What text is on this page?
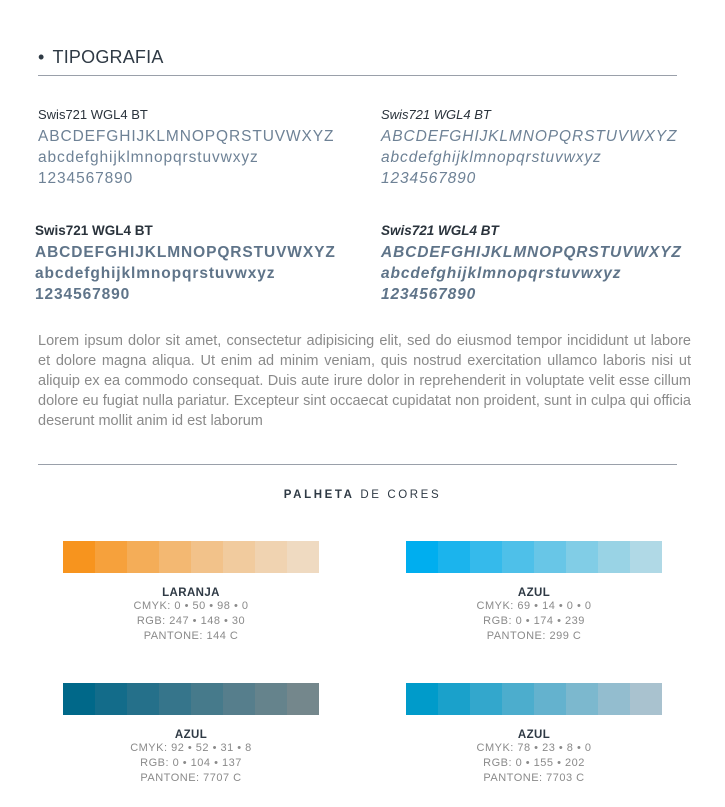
• TIPOGRAFIA
Swis721 WGL4 BT
ABCDEFGHIJKLMNOPQRSTUVWXYZ
abcdefghijklmnopqrstuvwxyz
1234567890
Swis721 WGL4 BT
ABCDEFGHIJKLMNOPQRSTUVWXYZ
abcdefghijklmnopqrstuvwxyz
1234567890
Swis721 WGL4 BT
ABCDEFGHIJKLMNOPQRSTUVWXYZ
abcdefghijklmnopqrstuvwxyz
1234567890
Swis721 WGL4 BT
ABCDEFGHIJKLMNOPQRSTUVWXYZ
abcdefghijklmnopqrstuvwxyz
1234567890
Lorem ipsum dolor sit amet, consectetur adipisicing elit, sed do eiusmod tempor incididunt ut labore et dolore magna aliqua. Ut enim ad minim veniam, quis nostrud exercitation ullamco laboris nisi ut aliquip ex ea commodo consequat. Duis aute irure dolor in reprehenderit in voluptate velit esse cillum dolore eu fugiat nulla pariatur. Excepteur sint occaecat cupidatat non proident, sunt in culpa qui officia deserunt mollit anim id est laborum
PALHETA DE CORES
LARANJA
CMYK: 0 • 50 • 98 • 0
RGB: 247 • 148 • 30
PANTONE: 144 C
AZUL
CMYK: 69 • 14 • 0 • 0
RGB: 0 • 174 • 239
PANTONE: 299 C
AZUL
CMYK: 92 • 52 • 31 • 8
RGB: 0 • 104 • 137
PANTONE: 7707 C
AZUL
CMYK: 78 • 23 • 8 • 0
RGB: 0 • 155 • 202
PANTONE: 7703 C
